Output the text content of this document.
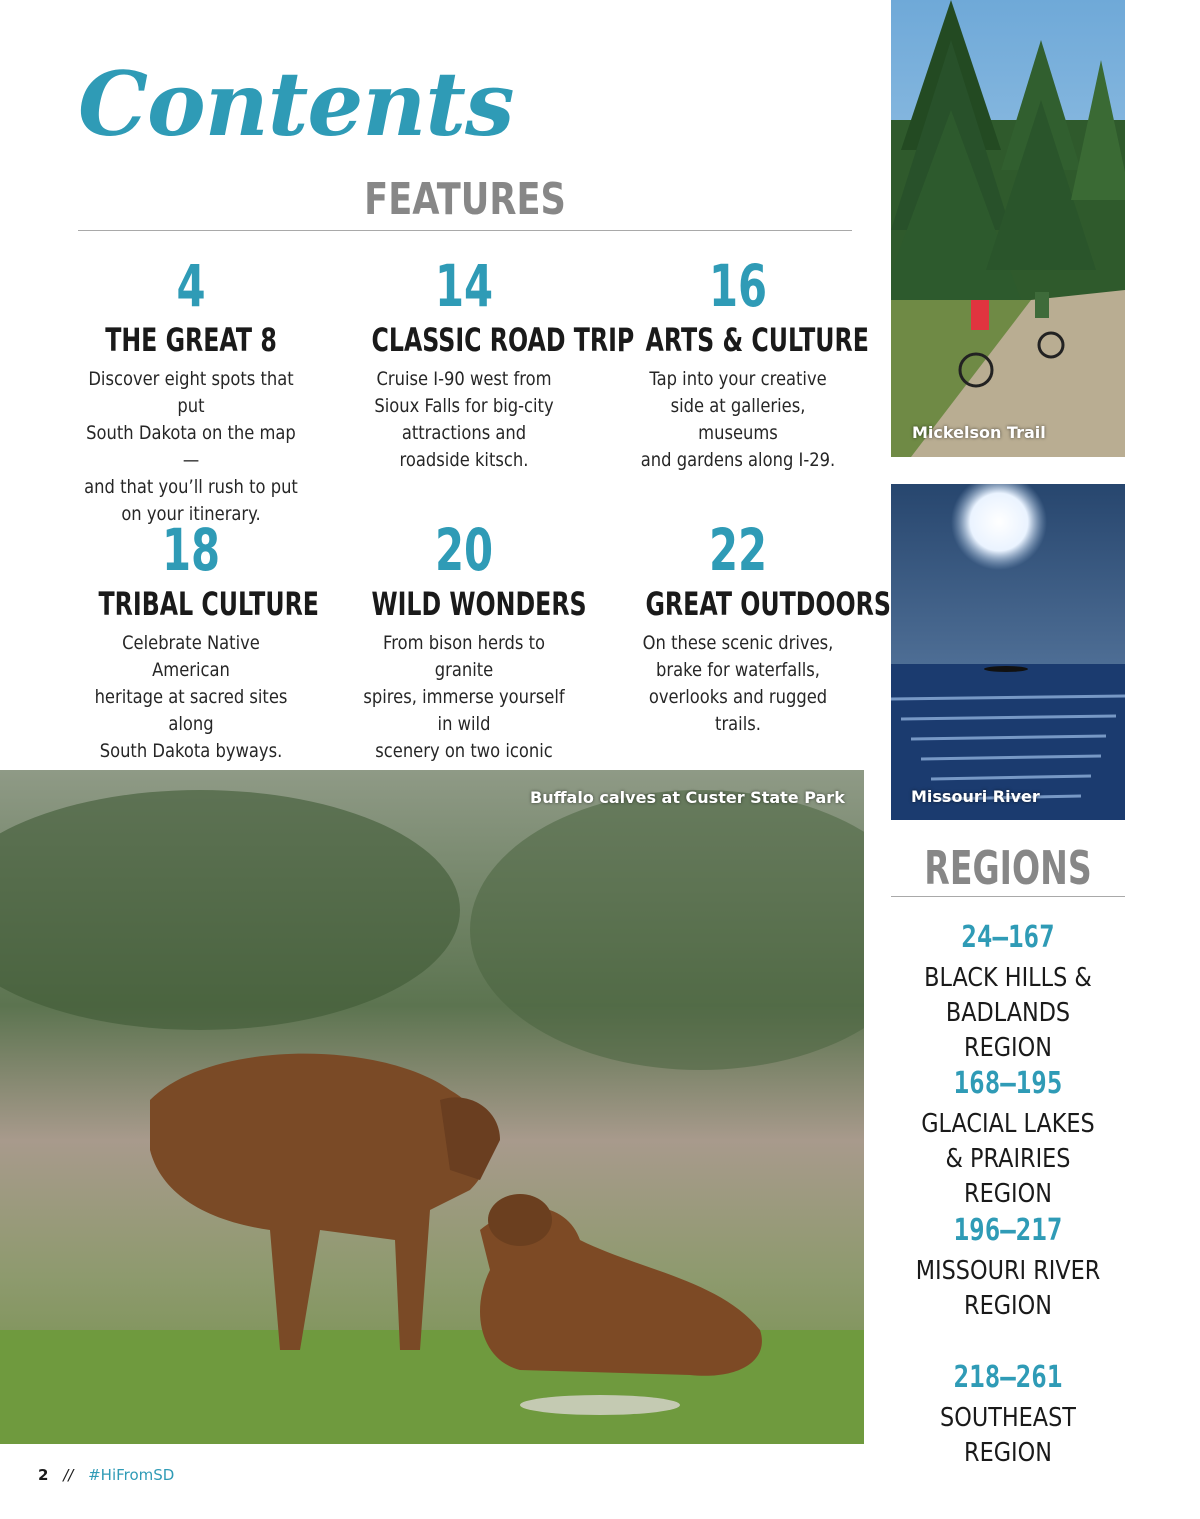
Contents
FEATURES
4
THE GREAT 8
Discover eight spots that put
South Dakota on the map—
and that you’ll rush to put
on your itinerary.
14
CLASSIC ROAD TRIP
Cruise I-90 west from
Sioux Falls for big-city
attractions and
roadside kitsch.
16
ARTS & CULTURE
Tap into your creative
side at galleries, museums
and gardens along I-29.
18
TRIBAL CULTURE
Celebrate Native American
heritage at sacred sites along
South Dakota byways.
20
WILD WONDERS
From bison herds to granite
spires, immerse yourself in wild
scenery on two iconic
22
GREAT OUTDOORS
On these scenic drives,
brake for waterfalls,
overlooks and rugged trails.
Mickelson Trail
Missouri River
Buffalo calves at Custer State Park
REGIONS
24–167
BLACK HILLS &
BADLANDS REGION
168–195
GLACIAL LAKES
& PRAIRIES REGION
196–217
MISSOURI RIVER
REGION
218–261
SOUTHEAST REGION
2 // #HiFromSD
